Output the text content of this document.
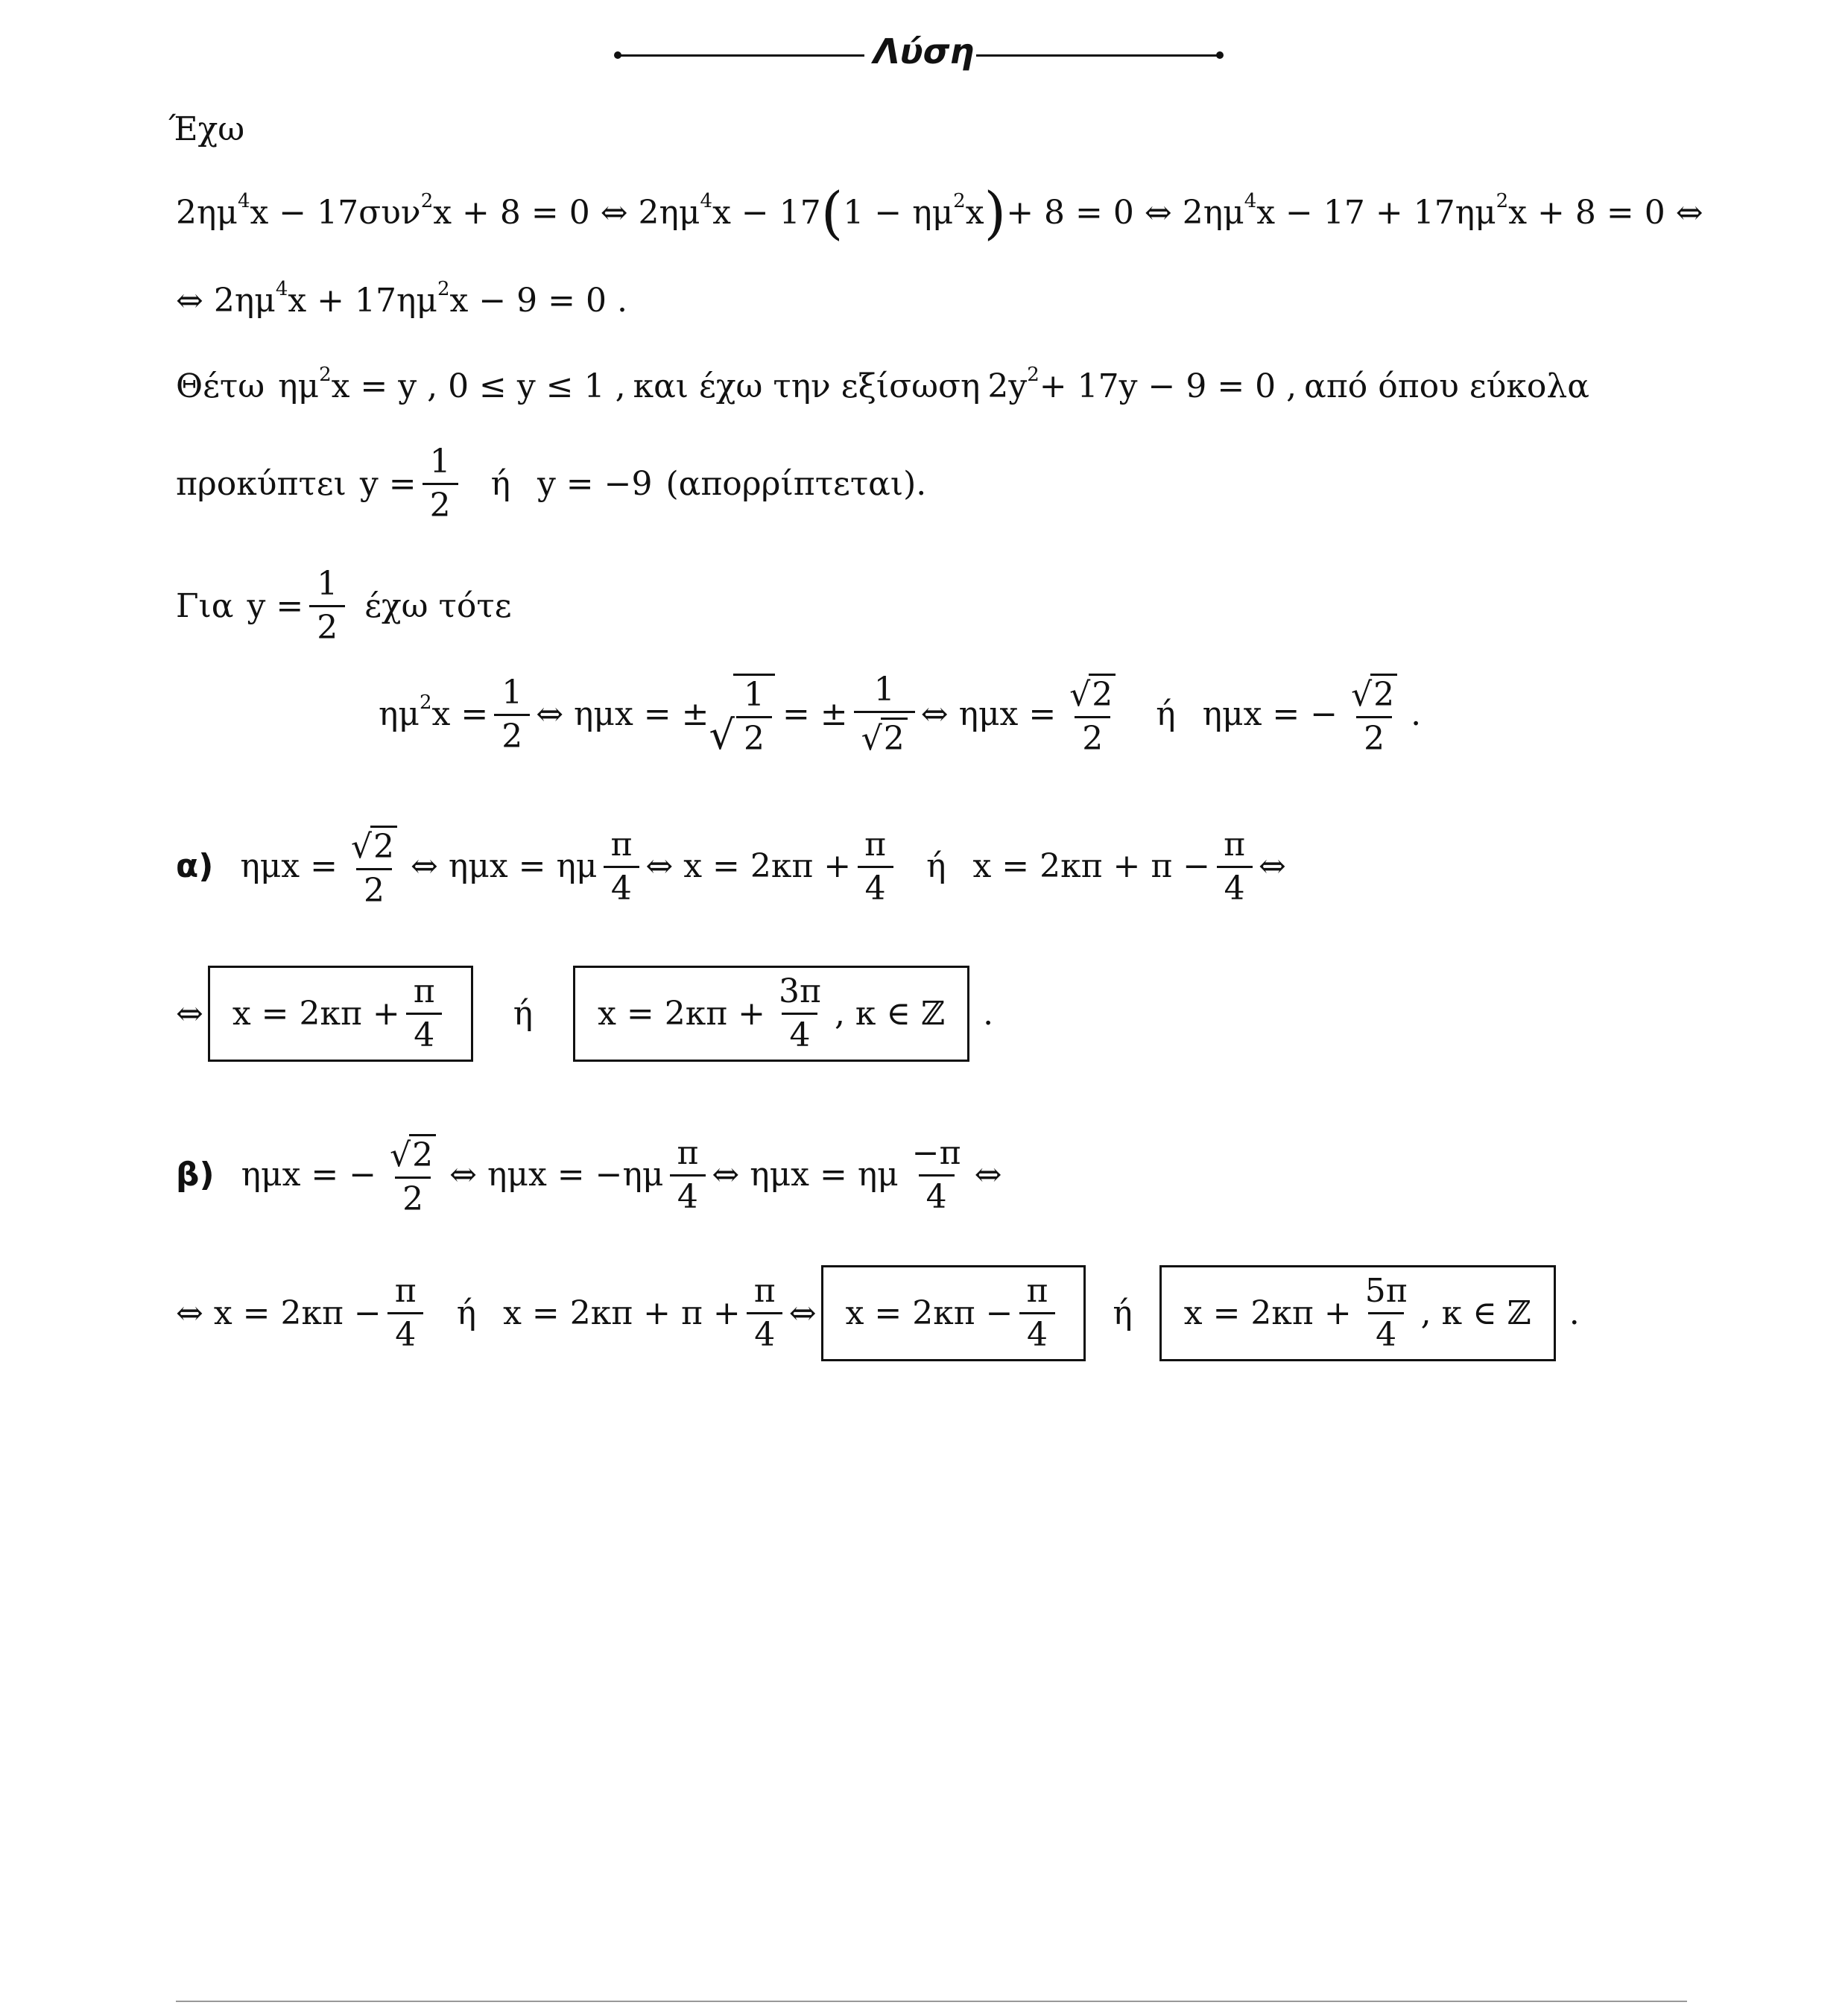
Λύση
Έχω
$2\eta\mu^4$ x − 17συν$^2$ x + 8 = 0 ⇔ $2\eta\mu^4$ x − 17 ( $1 - \eta\mu^2$ x ) + 8 = 0 ⇔ $2\eta\mu^4$ $x - 17 + 17\eta\mu^2$ x + 8 = 0 ⇔
⇔ $2\eta\mu^4$ $x + 17\eta\mu^2$ x − 9 = 0 .
Θέτω $\eta\mu^2$ x = y , 0 ≤ y ≤ 1 , και έχω την εξίσωση $2y^2 + 17y - 9 = 0$ , από όπου εύκολα
προκύπτει $y = \frac{1}{2}$ ή y = −9 (απορρίπτεται).
Για $y = \frac{1}{2}$ έχω τότε
$\eta\mu^2$ $x = \frac{1}{2}$ ⇔ ημx = ± √ $\frac{1}{2}$ = ± $\frac{1}{√ 2}$ ⇔ $\eta\mu x = \frac{√ 2}{2}$ ή ημx = − $\frac{√ 2}{2}$ .
α) $\eta\mu x = \frac{√ 2}{2}$ ⇔ ημx = ημ $\frac{\pi}{4}$ ⇔ $x = 2\kappa\pi + \frac{\pi}{4}$ ή $x = 2\kappa\pi + \pi - \frac{\pi}{4}$ ⇔
⇔ $x = 2\kappa\pi + \frac{\pi}{4}$ ή $x = 2\kappa\pi + \frac{3\pi}{4}$ , κ ∈ ℤ .
β) ημx = − $\frac{√ 2}{2}$ ⇔ $\eta\mu x = -\eta\mu \frac{\pi}{4}$ ⇔ ημx = ημ $\frac{-\pi}{4}$ ⇔
⇔ $x = 2\kappa\pi - \frac{\pi}{4}$ ή $x = 2\kappa\pi + \pi + \frac{\pi}{4}$ ⇔ $x = 2\kappa\pi - \frac{\pi}{4}$ ή $x = 2\kappa\pi + \frac{5\pi}{4}$ , κ ∈ ℤ .
